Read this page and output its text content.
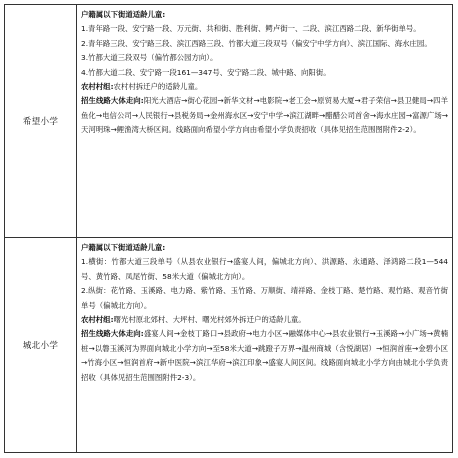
希望小学

户籍属以下街道适龄儿童:

1.青年路一段、安宁路一段、万元街、共和街、胜利街、鳄卢街一、二段、滨江西路二段、新华街单号。

2.青年路三段、安宁路三段、滨江西路三段、竹都大道三段双号（偏安宁中学方向）、滨江国际、海水庄园。

3.竹都大道三段双号（偏竹都公园方向）。

4.竹都大道二段、安宁路一段161—347号、安宁路二段、城中路、向阳街。

农村村组:农村村拆迁户的适龄儿童。

招生线路大体走向:阳光大酒店→街心花园→新华文材→电影院→老工会→原贸易大厦→君子荣信→县卫健局→四羊鱼化→电信公司→人民银行→县税务局→金州海水区→安宁中学→滨江湖畔→醋醋公司首舍→海水庄园→富源广场→天河明珠→鲤渔湾大桥区间。线路面向希望小学方向由希望小学负责招收（具体见招生范围图附件2-2）。

城北小学

户籍属以下街道适龄儿童:

1.横街：竹都大道三段单号（从县农业银行→盛宴人间，偏城北方向）、洪源路、永通路、泽鸿路二段1—544号、黄竹路、凤尾竹街、58米大道（偏城北方向）。

2.纵街：花竹路、玉溪路、电力路、紫竹路、玉竹路、万顺街、靖祥路、金枝丁路、楚竹路、观竹路、观音竹街单号（偏城北方向）。

农村村组:曙光村原北郊村、大坪村、曙光村郊外拆迁户的适龄儿童。

招生线路大体走向:盛宴人间→金枝丁路口→县政府→电力小区→融媒体中心→县农业银行→玉溪路→小广场→黄楠桩→以磐玉溪河为界面向城北小学方向→至58米大道→跳蹬子万界→温州商城（含悦湖居）→恒润首座→金碧小区→竹海小区→恒润首府→新中医院→滨江华府→滨江印象→盛宴人间区间。线路面向城北小学方向由城北小学负责招收（具体见招生范围图附件2-3）。
